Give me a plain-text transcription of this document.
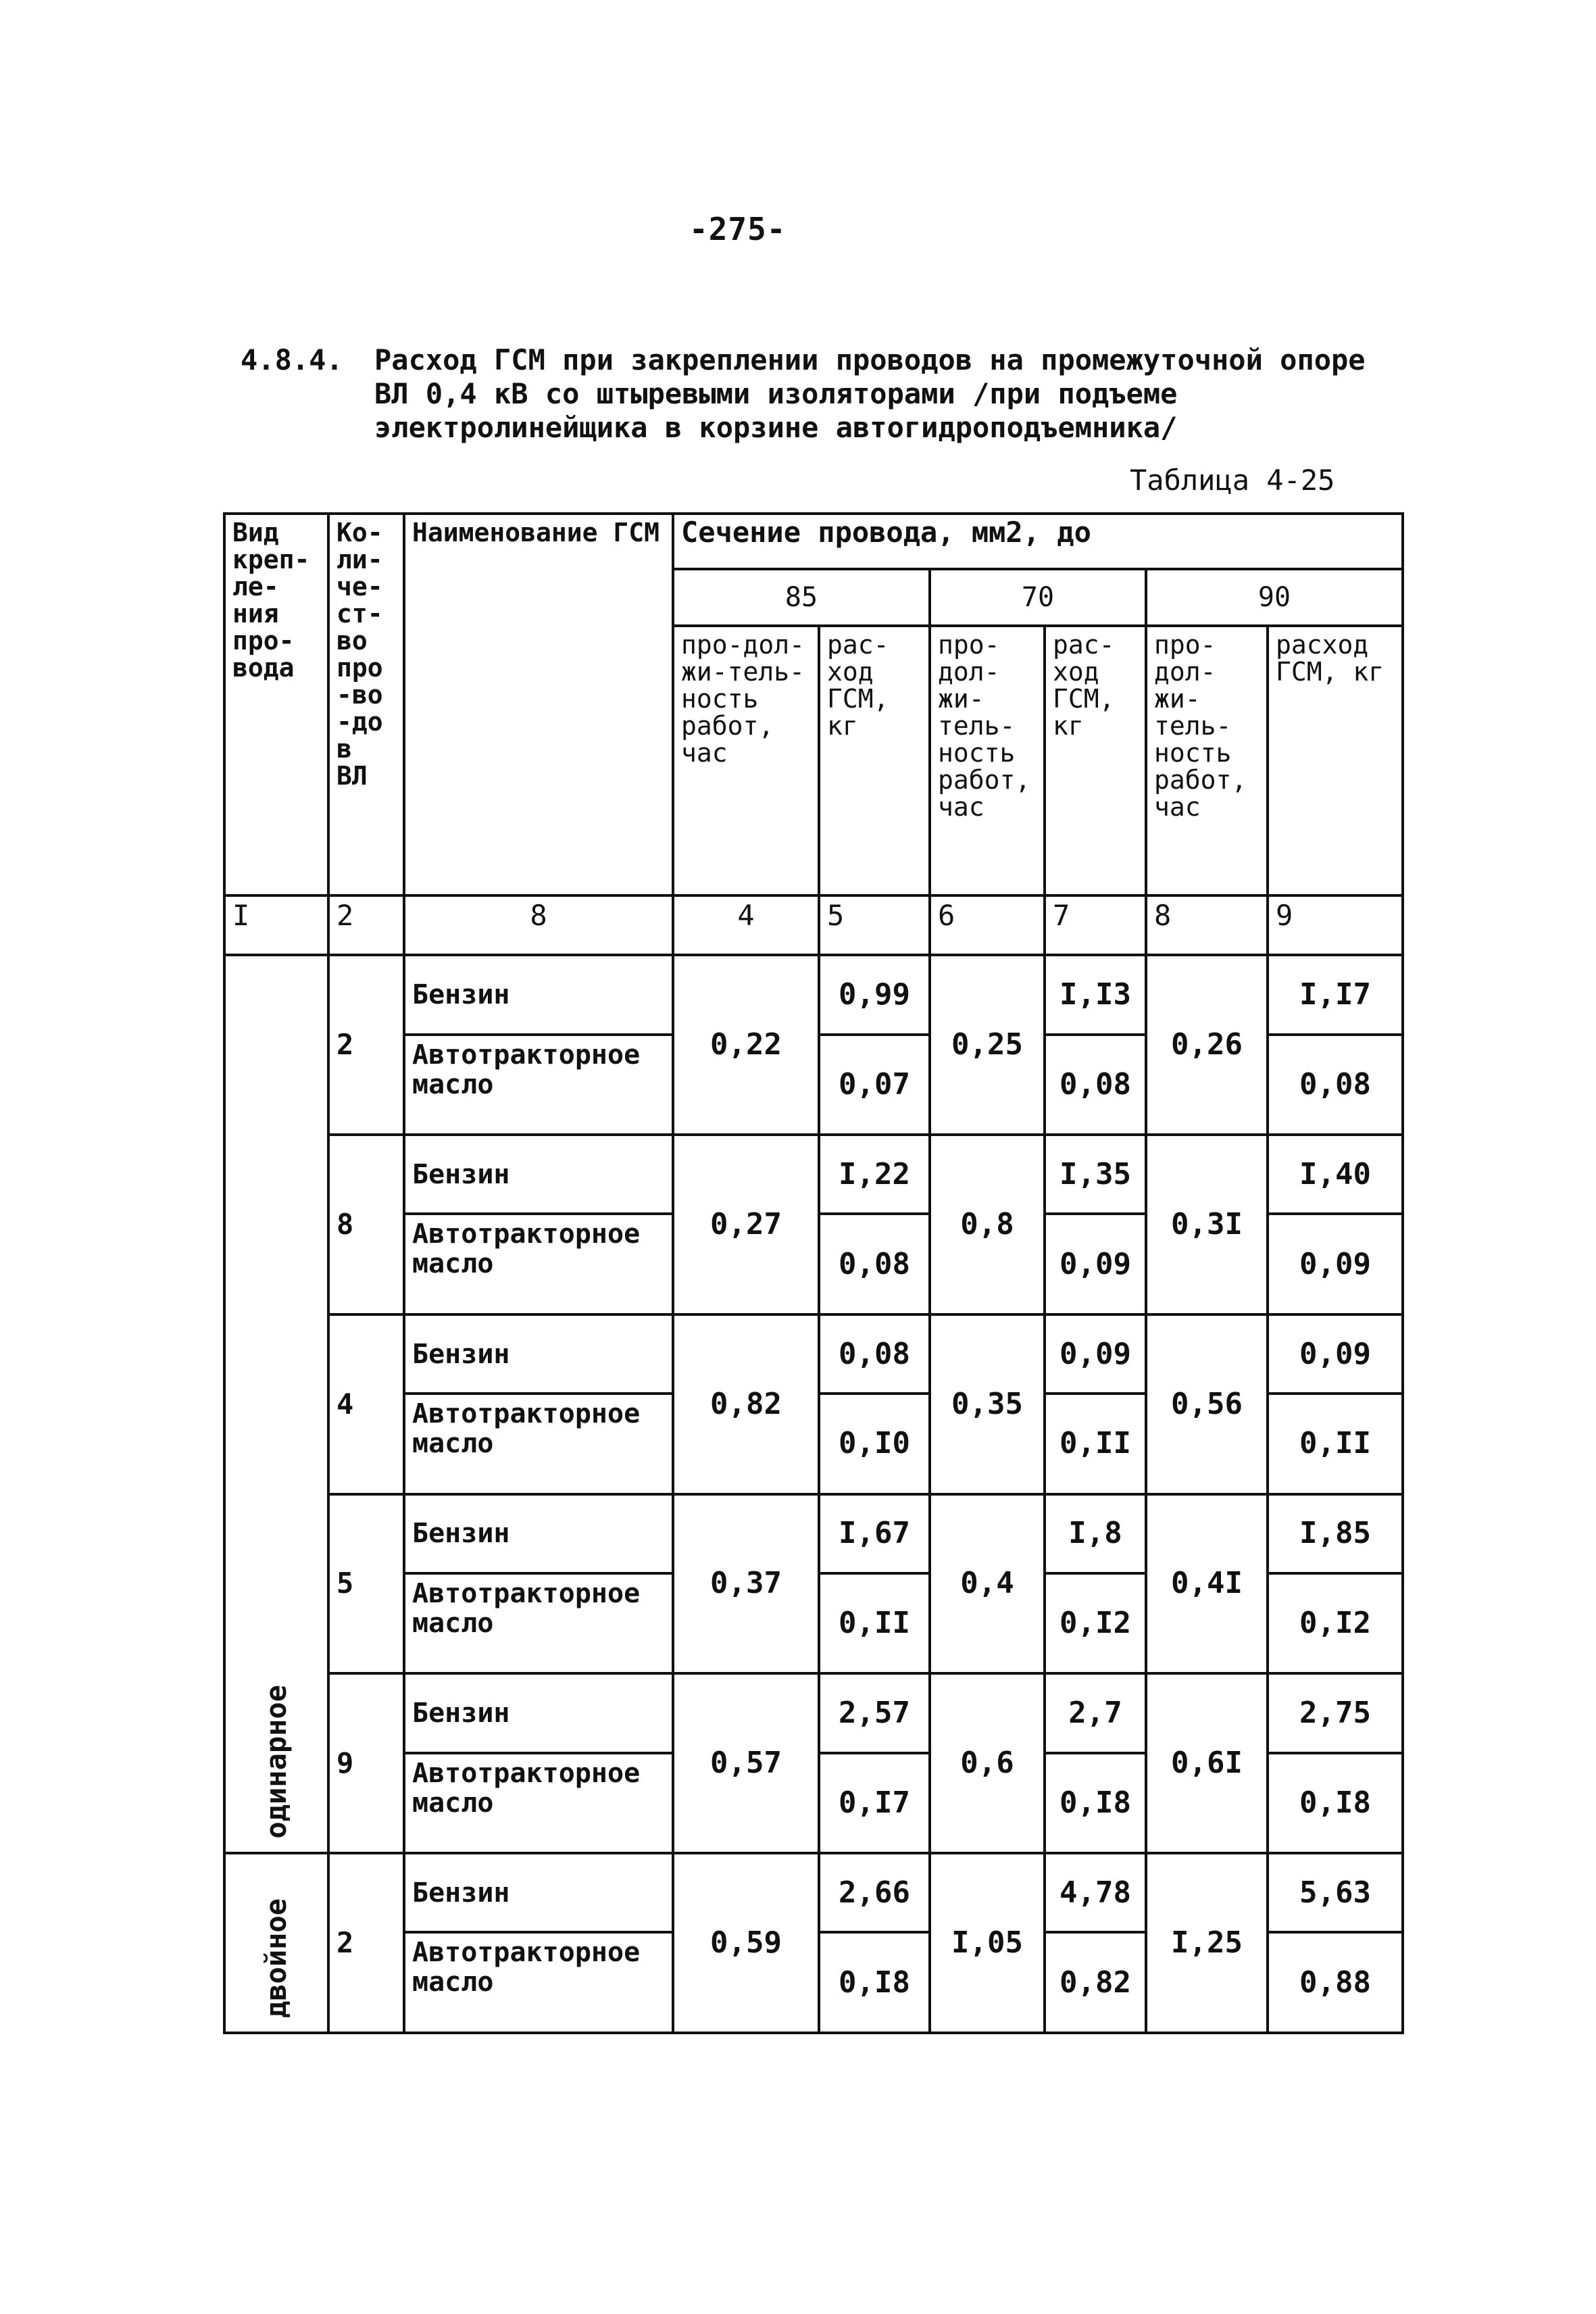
-275-
4.8.4. Расход ГСМ при закреплении проводов на промежуточной опоре ВЛ 0,4 кВ со штыревыми изоляторами /при подъеме электролинейщика в корзине автогидроподъемника/
Таблица 4-25
Вид креп-ле-ния про-вода	Ко-ли-че-ст-во про-во-дов ВЛ	Наименование ГСМ	Сечение провода, мм2, до					
			85		70		90	
			про-дол-жи-тель-ность работ, час	рас-ход ГСМ, кг	про-дол-жи-тель-ность работ, час	рас-ход ГСМ, кг	про-дол-жи-тель-ность работ, час	расход ГСМ, кг
I	2	8	4	5	6	7	8	9

одинарное	2	Бензин	0,22	0,99	0,25	I,I3	0,26	I,I7
		Автотракторное масло		0,07		0,08		0,08
	8	Бензин	0,27	I,22	0,8	I,35	0,3I	I,40
		Автотракторное масло		0,08		0,09		0,09
	4	Бензин	0,82	0,08	0,35	0,09	0,56	0,09
		Автотракторное масло		0,I0		0,II		0,II
	5	Бензин	0,37	I,67	0,4	I,8	0,4I	I,85
		Автотракторное масло		0,II		0,I2		0,I2
	9	Бензин	0,57	2,57	0,6	2,7	0,6I	2,75
		Автотракторное масло		0,I7		0,I8		0,I8

двойное	2	Бензин	0,59	2,66	I,05	4,78	I,25	5,63
		Автотракторное масло		0,I8		0,82		0,88
